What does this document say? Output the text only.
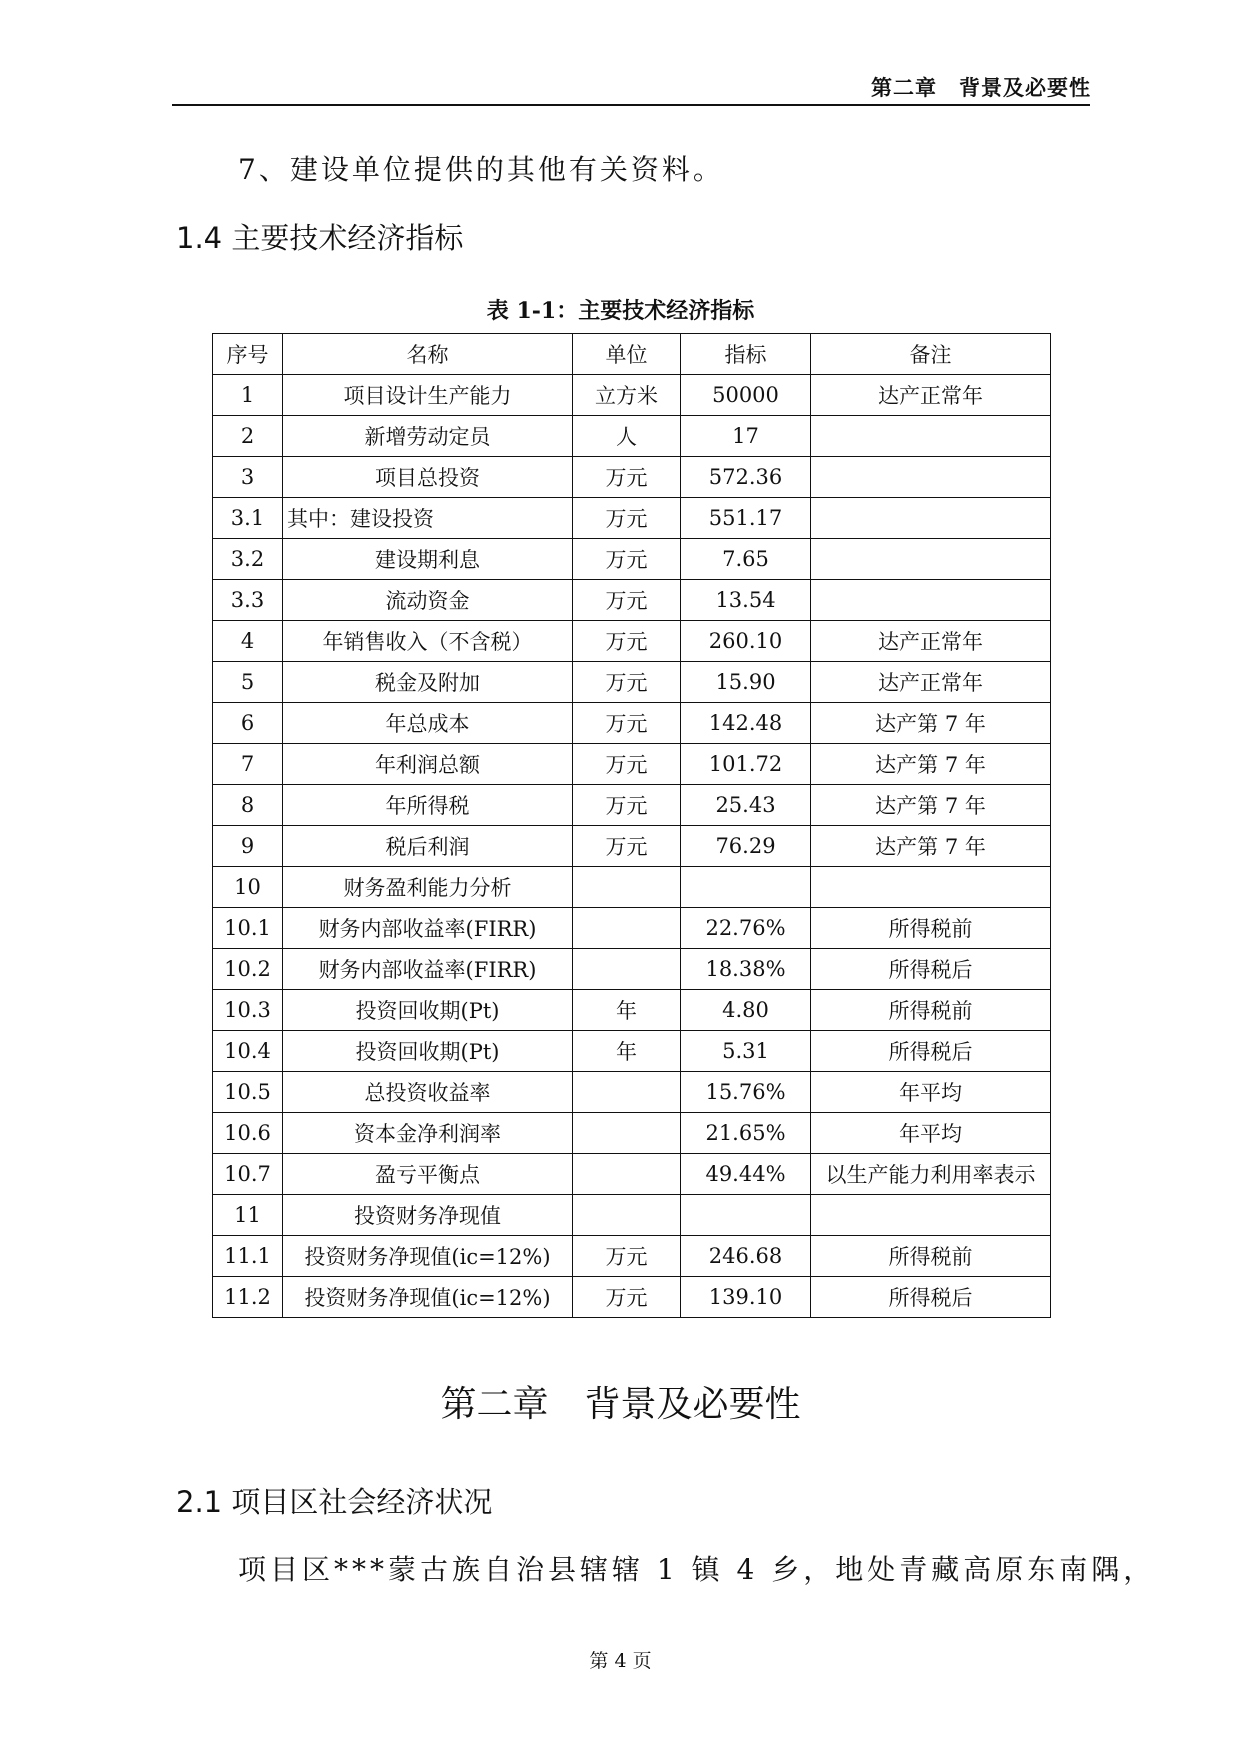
第二章　背景及必要性
7、建设单位提供的其他有关资料。
1.4 主要技术经济指标
表 1-1：主要技术经济指标
序号	名称	单位	指标	备注
1	项目设计生产能力	立方米	50000	达产正常年
2	新增劳动定员	人	17	
3	项目总投资	万元	572.36	
3.1	其中：建设投资	万元	551.17	
3.2	建设期利息	万元	7.65	
3.3	流动资金	万元	13.54	
4	年销售收入（不含税）	万元	260.10	达产正常年
5	税金及附加	万元	15.90	达产正常年
6	年总成本	万元	142.48	达产第 7 年
7	年利润总额	万元	101.72	达产第 7 年
8	年所得税	万元	25.43	达产第 7 年
9	税后利润	万元	76.29	达产第 7 年
10	财务盈利能力分析			
10.1	财务内部收益率(FIRR)		22.76%	所得税前
10.2	财务内部收益率(FIRR)		18.38%	所得税后
10.3	投资回收期(Pt)	年	4.80	所得税前
10.4	投资回收期(Pt)	年	5.31	所得税后
10.5	总投资收益率		15.76%	年平均
10.6	资本金净利润率		21.65%	年平均
10.7	盈亏平衡点		49.44%	以生产能力利用率表示
11	投资财务净现值			
11.1	投资财务净现值(ic=12%)	万元	246.68	所得税前
11.2	投资财务净现值(ic=12%)	万元	139.10	所得税后
第二章　背景及必要性
2.1 项目区社会经济状况
项目区***蒙古族自治县辖辖 1 镇 4 乡，地处青藏高原东南隅，
第 4 页
